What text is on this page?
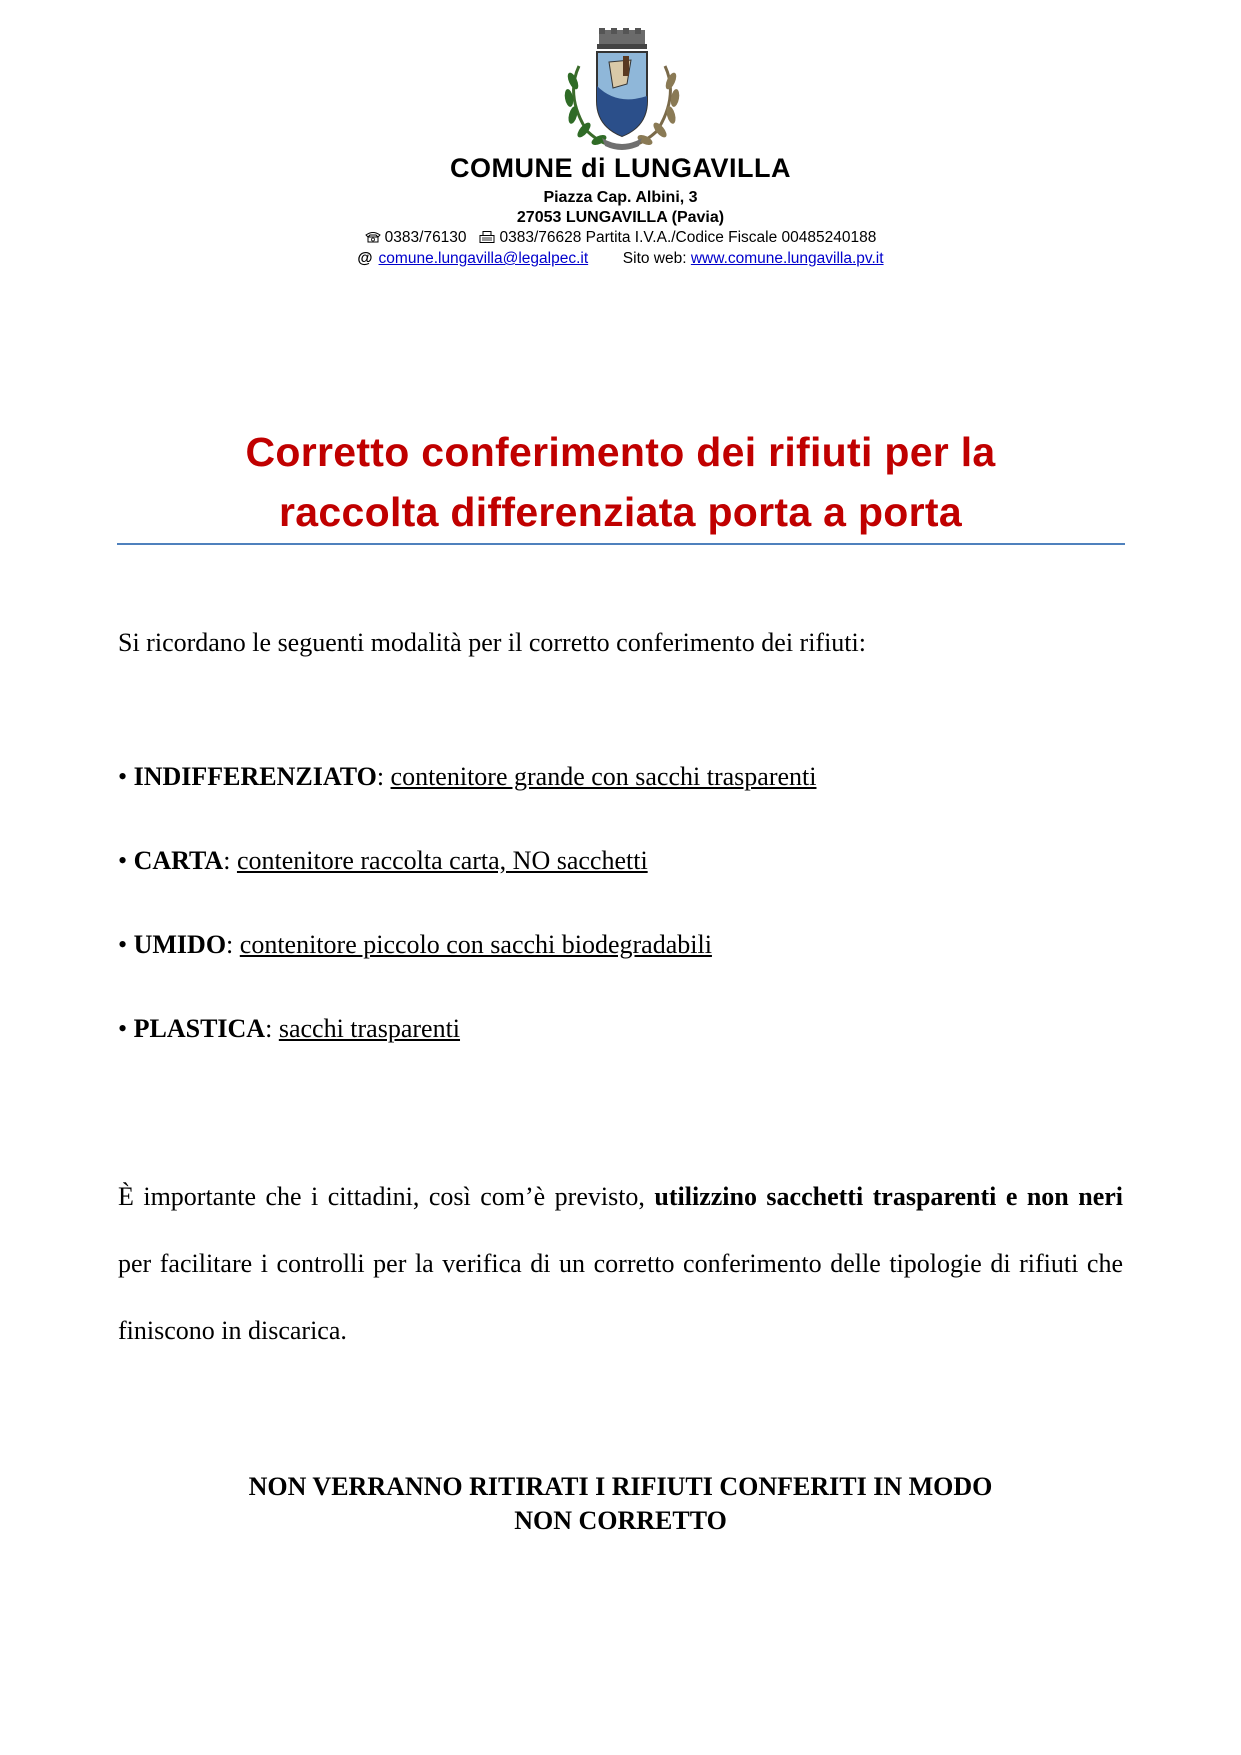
COMUNE di LUNGAVILLA
Piazza Cap. Albini, 3
27053 LUNGAVILLA (Pavia)
0383/76130 0383/76628 Partita I.V.A./Codice Fiscale 00485240188
@ comune.lungavilla@legalpec.it Sito web: www.comune.lungavilla.pv.it
Corretto conferimento dei rifiuti per la
raccolta differenziata porta a porta
Si ricordano le seguenti modalità per il corretto conferimento dei rifiuti:
• INDIFFERENZIATO: contenitore grande con sacchi trasparenti
• CARTA: contenitore raccolta carta, NO sacchetti
• UMIDO: contenitore piccolo con sacchi biodegradabili
• PLASTICA: sacchi trasparenti
È importante che i cittadini, così com’è previsto, utilizzino sacchetti trasparenti e non neri per facilitare i controlli per la verifica di un corretto conferimento delle tipologie di rifiuti che finiscono in discarica.
NON VERRANNO RITIRATI I RIFIUTI CONFERITI IN MODO
NON CORRETTO
